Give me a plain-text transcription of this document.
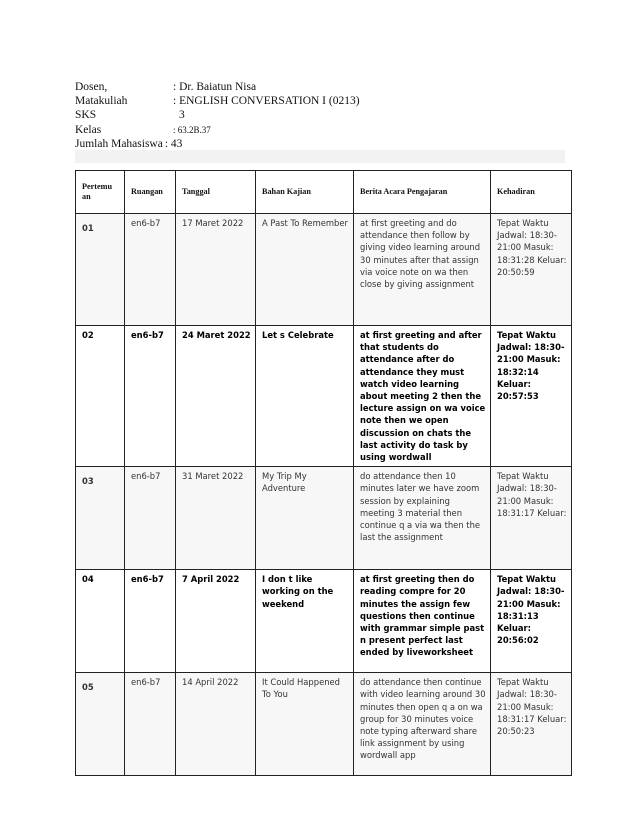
Dosen,	: Dr. Baiatun Nisa
Matakuliah	: ENGLISH CONVERSATION I (0213)
SKS	3
Kelas	: 63.2B.37
Jumlah Mahasiswa : 43
Pertemu an	Ruangan	Tanggal	Bahan Kajian	Berita Acara Pengajaran	Kehadiran
01	en6-b7	17 Maret 2022	A Past To Remember	at first greeting and do attendance then follow by giving video learning around 30 minutes after that assign via voice note on wa then close by giving assignment	Tepat Waktu Jadwal: 18:30-21:00 Masuk: 18:31:28 Keluar: 20:50:59
02	en6-b7	24 Maret 2022	Let s Celebrate	at first greeting and after that students do attendance after do attendance they must watch video learning about meeting 2 then the lecture assign on wa voice note then we open discussion on chats the last activity do task by using wordwall	Tepat Waktu Jadwal: 18:30-21:00 Masuk: 18:32:14 Keluar: 20:57:53
03	en6-b7	31 Maret 2022	My Trip My Adventure	do attendance then 10 minutes later we have zoom session by explaining meeting 3 material then continue q a via wa then the last the assignment	Tepat Waktu Jadwal: 18:30-21:00 Masuk: 18:31:17 Keluar:
04	en6-b7	7 April 2022	I don t like working on the weekend	at first greeting then do reading compre for 20 minutes the assign few questions then continue with grammar simple past n present perfect last ended by liveworksheet	Tepat Waktu Jadwal: 18:30-21:00 Masuk: 18:31:13 Keluar: 20:56:02
05	en6-b7	14 April 2022	It Could Happened To You	do attendance then continue with video learning around 30 minutes then open q a on wa group for 30 minutes voice note typing afterward share link assignment by using wordwall app	Tepat Waktu Jadwal: 18:30-21:00 Masuk: 18:31:17 Keluar: 20:50:23
